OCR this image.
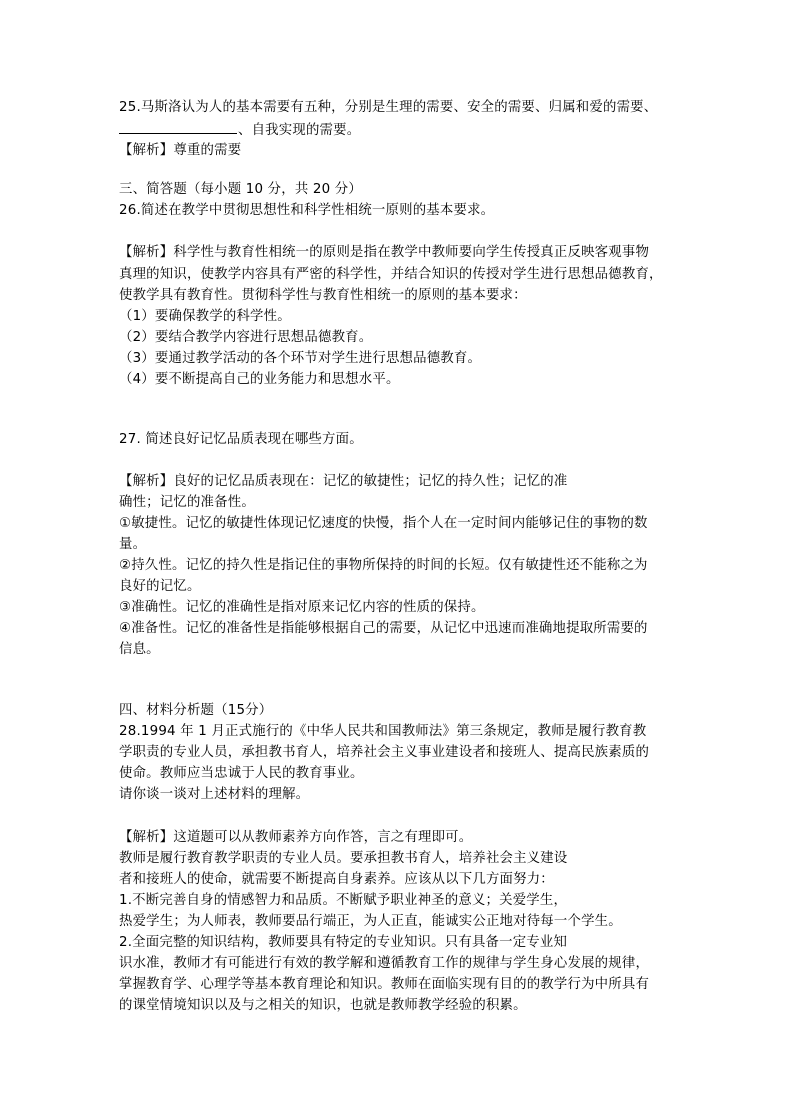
25.马斯洛认为人的基本需要有五种，分别是生理的需要、安全的需要、归属和爱的需要、
、自我实现的需要。
【解析】尊重的需要
三、简答题（每小题 10 分，共 20 分）
26.简述在教学中贯彻思想性和科学性相统一原则的基本要求。
【解析】科学性与教育性相统一的原则是指在教学中教师要向学生传授真正反映客观事物
真理的知识，使教学内容具有严密的科学性，并结合知识的传授对学生进行思想品德教育，
使教学具有教育性。贯彻科学性与教育性相统一的原则的基本要求：
（1）要确保教学的科学性。
（2）要结合教学内容进行思想品德教育。
（3）要通过教学活动的各个环节对学生进行思想品德教育。
（4）要不断提高自己的业务能力和思想水平。
27. 简述良好记忆品质表现在哪些方面。
【解析】良好的记忆品质表现在：记忆的敏捷性；记忆的持久性；记忆的准
确性；记忆的准备性。
①敏捷性。记忆的敏捷性体现记忆速度的快慢，指个人在一定时间内能够记住的事物的数
量。
②持久性。记忆的持久性是指记住的事物所保持的时间的长短。仅有敏捷性还不能称之为
良好的记忆。
③准确性。记忆的准确性是指对原来记忆内容的性质的保持。
④准备性。记忆的准备性是指能够根据自己的需要，从记忆中迅速而准确地提取所需要的
信息。
四、材料分析题（15分）
28.1994 年 1 月正式施行的《中华人民共和国教师法》第三条规定，教师是履行教育教
学职责的专业人员，承担教书育人，培养社会主义事业建设者和接班人、提高民族素质的
使命。教师应当忠诚于人民的教育事业。
请你谈一谈对上述材料的理解。
【解析】这道题可以从教师素养方向作答，言之有理即可。
教师是履行教育教学职责的专业人员。要承担教书育人，培养社会主义建设
者和接班人的使命，就需要不断提高自身素养。应该从以下几方面努力：
1.不断完善自身的情感智力和品质。不断赋予职业神圣的意义；关爱学生，
热爱学生；为人师表，教师要品行端正，为人正直，能诚实公正地对待每一个学生。
2.全面完整的知识结构，教师要具有特定的专业知识。只有具备一定专业知
识水准，教师才有可能进行有效的教学解和遵循教育工作的规律与学生身心发展的规律，
掌握教育学、心理学等基本教育理论和知识。教师在面临实现有目的的教学行为中所具有
的课堂情境知识以及与之相关的知识，也就是教师教学经验的积累。
